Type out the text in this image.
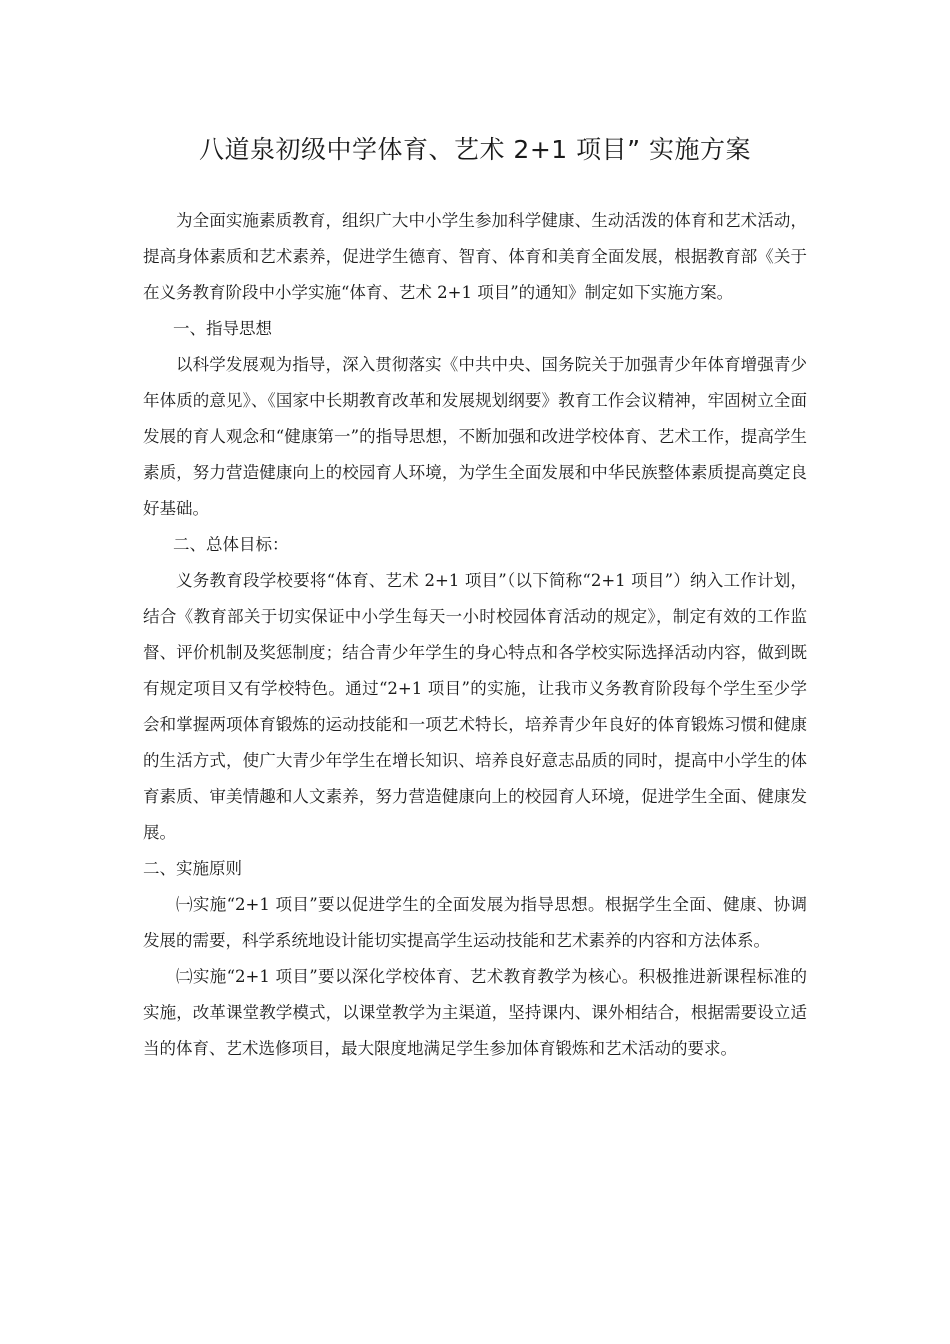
八道泉初级中学体育、艺术 2+1 项目” 实施方案

为全面实施素质教育，组织广大中小学生参加科学健康、生动活泼的体育和艺术活动，提高身体素质和艺术素养，促进学生德育、智育、体育和美育全面发展，根据教育部《关于在义务教育阶段中小学实施“体育、艺术 2+1 项目”的通知》制定如下实施方案。

一、指导思想

以科学发展观为指导，深入贯彻落实《中共中央、国务院关于加强青少年体育增强青少年体质的意见》、《国家中长期教育改革和发展规划纲要》教育工作会议精神，牢固树立全面发展的育人观念和“健康第一”的指导思想，不断加强和改进学校体育、艺术工作，提高学生素质，努力营造健康向上的校园育人环境，为学生全面发展和中华民族整体素质提高奠定良好基础。

二、总体目标：

义务教育段学校要将“体育、艺术 2+1 项目”（以下简称“2+1 项目”）纳入工作计划，结合《教育部关于切实保证中小学生每天一小时校园体育活动的规定》，制定有效的工作监督、评价机制及奖惩制度；结合青少年学生的身心特点和各学校实际选择活动内容，做到既有规定项目又有学校特色。通过“2+1 项目”的实施，让我市义务教育阶段每个学生至少学会和掌握两项体育锻炼的运动技能和一项艺术特长，培养青少年良好的体育锻炼习惯和健康的生活方式，使广大青少年学生在增长知识、培养良好意志品质的同时，提高中小学生的体育素质、审美情趣和人文素养，努力营造健康向上的校园育人环境，促进学生全面、健康发展。

二、实施原则

㈠实施“2+1 项目”要以促进学生的全面发展为指导思想。根据学生全面、健康、协调发展的需要，科学系统地设计能切实提高学生运动技能和艺术素养的内容和方法体系。

㈡实施“2+1 项目”要以深化学校体育、艺术教育教学为核心。积极推进新课程标准的实施，改革课堂教学模式，以课堂教学为主渠道，坚持课内、课外相结合，根据需要设立适当的体育、艺术选修项目，最大限度地满足学生参加体育锻炼和艺术活动的要求。
